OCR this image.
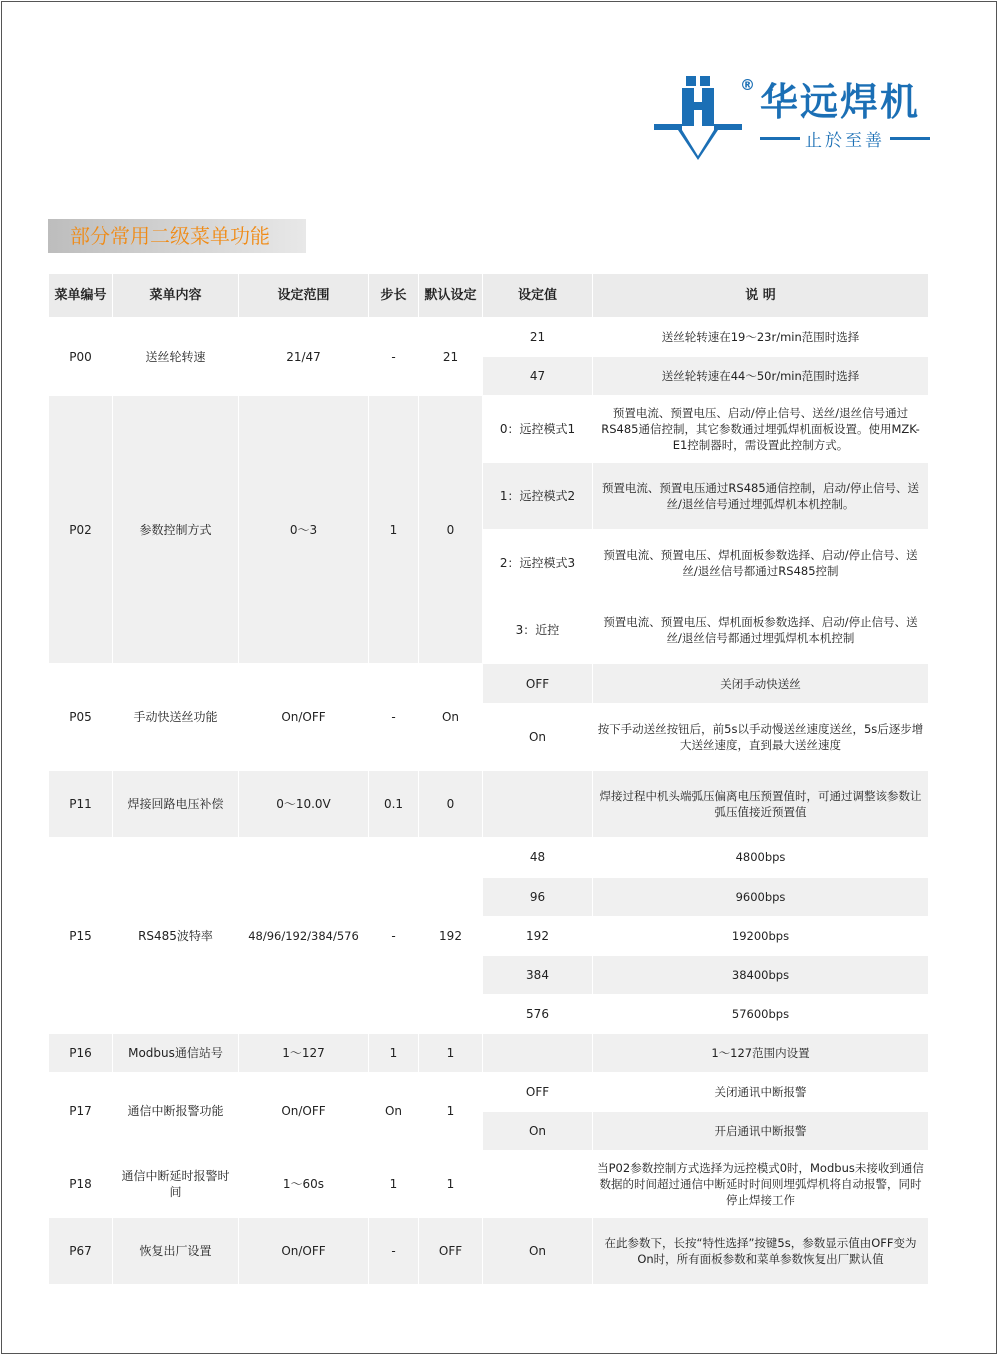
® 华远焊机
止於至善
部分常用二级菜单功能
菜单编号	菜单内容	设定范围	步长	默认设定	设定值	说 明
P00	送丝轮转速	21/47	-	21	21	送丝轮转速在19～23r/min范围时选择
					47	送丝轮转速在44～50r/min范围时选择
P02	参数控制方式	0～3	1	0	0：远控模式1	预置电流、预置电压、启动/停止信号、送丝/退丝信号通过RS485通信控制，其它参数通过埋弧焊机面板设置。使用MZK-E1控制器时，需设置此控制方式。
					1：远控模式2	预置电流、预置电压通过RS485通信控制，启动/停止信号、送丝/退丝信号通过埋弧焊机本机控制。
					2：远控模式3	预置电流、预置电压、焊机面板参数选择、启动/停止信号、送丝/退丝信号都通过RS485控制
					3：近控	预置电流、预置电压、焊机面板参数选择、启动/停止信号、送丝/退丝信号都通过埋弧焊机本机控制
P05	手动快送丝功能	On/OFF	-	On	OFF	关闭手动快送丝
					On	按下手动送丝按钮后，前5s以手动慢送丝速度送丝，5s后逐步增大送丝速度，直到最大送丝速度
P11	焊接回路电压补偿	0～10.0V	0.1	0		焊接过程中机头端弧压偏离电压预置值时，可通过调整该参数让弧压值接近预置值
P15	RS485波特率	48/96/192/384/576	-	192	48	4800bps
					96	9600bps
					192	19200bps
					384	38400bps
					576	57600bps
P16	Modbus通信站号	1～127	1	1		1～127范围内设置
P17	通信中断报警功能	On/OFF	On	1	OFF	关闭通讯中断报警
					On	开启通讯中断报警
P18	通信中断延时报警时间	1～60s	1	1		当P02参数控制方式选择为远控模式0时，Modbus未接收到通信数据的时间超过通信中断延时时间则埋弧焊机将自动报警，同时停止焊接工作
P67	恢复出厂设置	On/OFF	-	OFF	On	在此参数下，长按“特性选择”按键5s，参数显示值由OFF变为On时，所有面板参数和菜单参数恢复出厂默认值
